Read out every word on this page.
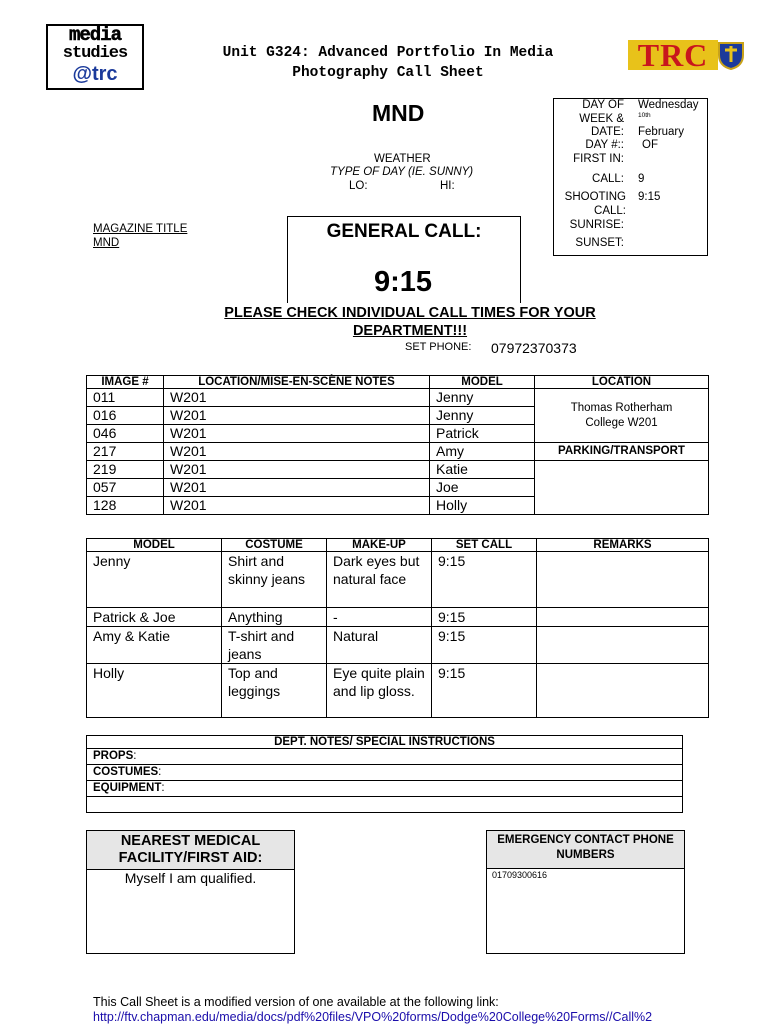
media
studies
@trc
Unit G324: Advanced Portfolio In Media
Photography Call Sheet	TRC
MND
WEATHER
TYPE OF DAY (IE. SUNNY)
LO:	HI:
MAGAZINE TITLE
MND
GENERAL CALL:
9:15
PLEASE CHECK INDIVIDUAL CALL TIMES FOR YOUR DEPARTMENT!!!
SET PHONE: 07972370373
DAY OF WEEK & DATE:
Wednesday
10th
February
DAY #:: OF
FIRST IN:
CALL: 9
SHOOTING CALL:
9:15
SUNRISE:
SUNSET:
IMAGE #	LOCATION/MISE-EN-SCÈNE NOTES	MODEL	LOCATION
011	W201	Jenny	Thomas Rotherham College W201
016	W201	Jenny	
046	W201	Patrick	
217	W201	Amy	PARKING/TRANSPORT
219	W201	Katie	
057	W201	Joe	
128	W201	Holly	
MODEL	COSTUME	MAKE-UP	SET CALL	REMARKS
Jenny	Shirt and skinny jeans	Dark eyes but natural face	9:15	
Patrick & Joe	Anything	-	9:15	
Amy & Katie	T-shirt and jeans	Natural	9:15	
Holly	Top and leggings	Eye quite plain and lip gloss.	9:15	
DEPT. NOTES/ SPECIAL INSTRUCTIONS
PROPS:
COSTUMES:
EQUIPMENT:

NEAREST MEDICAL FACILITY/FIRST AID:
Myself I am qualified.
EMERGENCY CONTACT PHONE NUMBERS
01709300616
This Call Sheet is a modified version of one available at the following link:
http://ftv.chapman.edu/media/docs/pdf%20files/VPO%20forms/Dodge%20College%20Forms//Call%2
